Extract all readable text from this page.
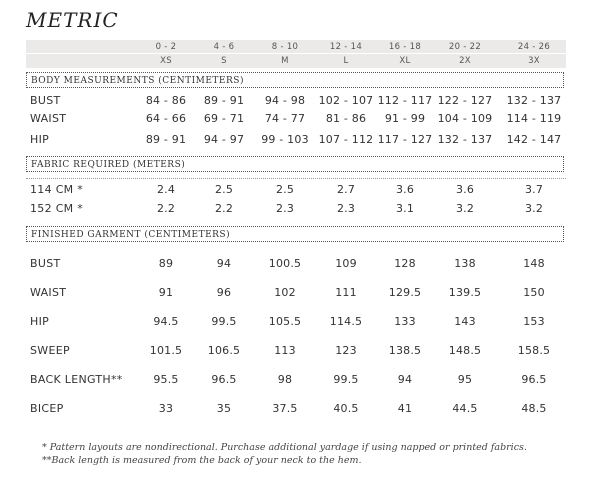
METRIC
0 - 2	4 - 6	8 - 10	12 - 14	16 - 18	20 - 22	24 - 26
XS	S	M	L	XL	2X	3X
BODY MEASUREMENTS (CENTIMETERS)
FABRIC REQUIRED (METERS)
FINISHED GARMENT (CENTIMETERS)
BUST	84 - 86	89 - 91	94 - 98	102 - 107 112 - 117 122 - 127 132 - 137
WAIST	64 - 66	69 - 71	74 - 77	81 - 86	91 - 99	104 - 109 114 - 119
HIP	89 - 91	94 - 97	99 - 103 107 - 112 117 - 127 132 - 137 142 - 147
114 CM *	2.4	2.5	2.5	2.7	3.6	3.6	3.7
152 CM *	2.2	2.2	2.3	2.3	3.1	3.2	3.2
BUST	89	94	100.5	109	128	138	148
WAIST	91	96	102	111	129.5	139.5	150
HIP	94.5	99.5	105.5	114.5	133	143	153
SWEEP	101.5	106.5	113	123	138.5	148.5	158.5
BACK LENGTH**	95.5	96.5	98	99.5	94	95	96.5
BICEP	33	35	37.5	40.5	41	44.5	48.5
* Pattern layouts are nondirectional. Purchase additional yardage if using napped or printed fabrics.
**Back length is measured from the back of your neck to the hem.
